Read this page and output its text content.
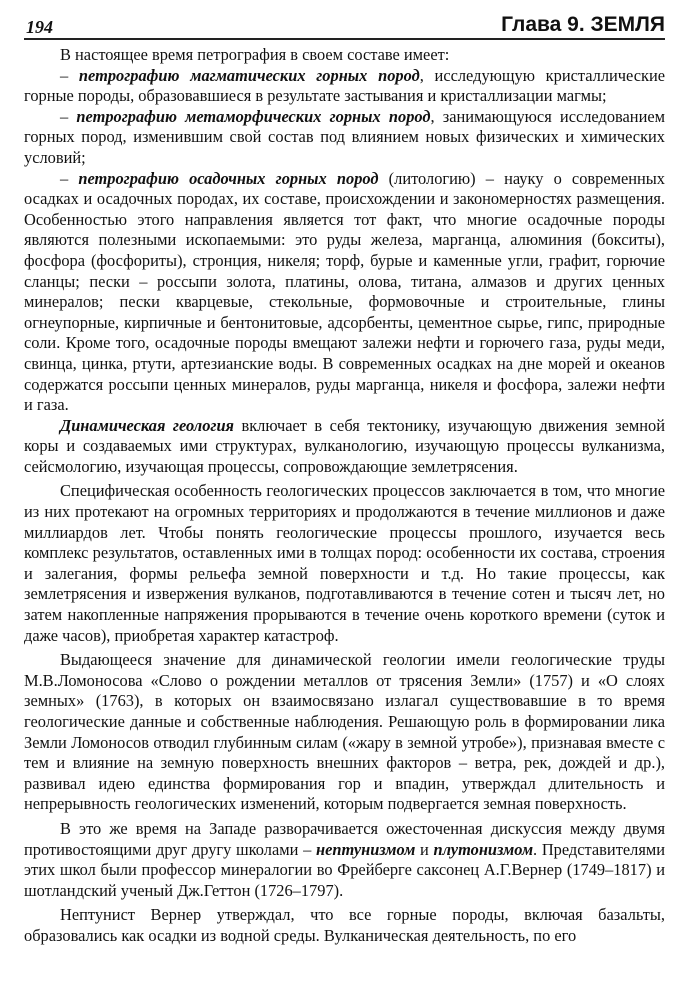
194	Глава 9. ЗЕМЛЯ

В настоящее время петрография в своем составе имеет:

– петрографию магматических горных пород, исследующую кристаллические горные породы, образовавшиеся в результате застывания и кристаллизации магмы;

– петрографию метаморфических горных пород, занимающуюся исследованием горных пород, изменившим свой состав под влиянием новых физических и химических условий;

– петрографию осадочных горных пород (литологию) – науку о современных осадках и осадочных породах, их составе, происхождении и закономерностях размещения. Особенностью этого направления является тот факт, что многие осадочные породы являются полезными ископаемыми: это руды железа, марганца, алюминия (бокситы), фосфора (фосфориты), стронция, никеля; торф, бурые и каменные угли, графит, горючие сланцы; пески – россыпи золота, платины, олова, титана, алмазов и других ценных минералов; пески кварцевые, стекольные, формовочные и строительные, глины огнеупорные, кирпичные и бентонитовые, адсорбенты, цементное сырье, гипс, природные соли. Кроме того, осадочные породы вмещают залежи нефти и горючего газа, руды меди, свинца, цинка, ртути, артезианские воды. В современных осадках на дне морей и океанов содержатся россыпи ценных минералов, руды марганца, никеля и фосфора, залежи нефти и газа.

Динамическая геология включает в себя тектонику, изучающую движения земной коры и создаваемых ими структурах, вулканологию, изучающую процессы вулканизма, сейсмологию, изучающая процессы, сопровождающие землетрясения.

Специфическая особенность геологических процессов заключается в том, что многие из них протекают на огромных территориях и продолжаются в течение миллионов и даже миллиардов лет. Чтобы понять геологические процессы прошлого, изучается весь комплекс результатов, оставленных ими в толщах пород: особенности их состава, строения и залегания, формы рельефа земной поверхности и т.д. Но такие процессы, как землетрясения и извержения вулканов, подготавливаются в течение сотен и тысяч лет, но затем накопленные напряжения прорываются в течение очень короткого времени (суток и даже часов), приобретая характер катастроф.

Выдающееся значение для динамической геологии имели геологические труды М.В.Ломоносова «Слово о рождении металлов от трясения Земли» (1757) и «О слоях земных» (1763), в которых он взаимосвязано излагал существовавшие в то время геологические данные и собственные наблюдения. Решающую роль в формировании лика Земли Ломоносов отводил глубинным силам («жару в земной утробе»), признавая вместе с тем и влияние на земную поверхность внешних факторов – ветра, рек, дождей и др.), развивал идею единства формирования гор и впадин, утверждал длительность и непрерывность геологических изменений, которым подвергается земная поверхность.

В это же время на Западе разворачивается ожесточенная дискуссия между двумя противостоящими друг другу школами – нептунизмом и плутонизмом. Представителями этих школ были профессор минералогии во Фрейберге саксонец А.Г.Вернер (1749–1817) и шотландский ученый Дж.Геттон (1726–1797).

Нептунист Вернер утверждал, что все горные породы, включая базальты, образовались как осадки из водной среды. Вулканическая деятельность, по его
